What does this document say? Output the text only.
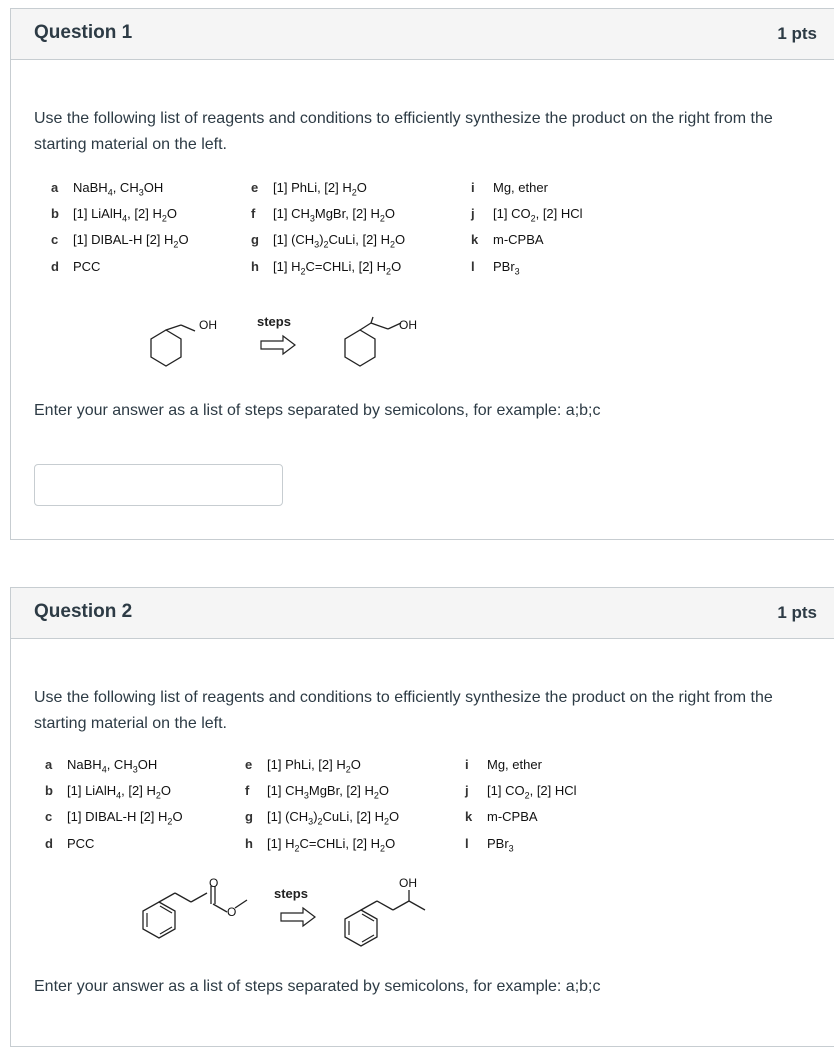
Question 1	1 pts
Use the following list of reagents and conditions to efficiently synthesize the product on the right from the starting material on the left.
a NaBH$_4$, $CH_3OH$
b [1] LiAlH$_4$, [2] $H_2O$
c [1] DIBAL-H [2] $H_2O$
d PCC
e [1] PhLi, [2] $H_2O$
f [1] $CH_3MgBr$, [2] $H_2O$
g [1] $(CH_3)_2CuLi$, [2] $H_2O$
h [1] $H_2C=CHLi$, [2] $H_2O$
i Mg, ether
j [1] $CO_2$, [2] HCl
k m-CPBA
l PBr$_3$
OH	steps	OH
Enter your answer as a list of steps separated by semicolons, for example: a;b;c
Question 2	1 pts
Use the following list of reagents and conditions to efficiently synthesize the product on the right from the starting material on the left.
a NaBH$_4$, $CH_3OH$
b [1] LiAlH$_4$, [2] $H_2O$
c [1] DIBAL-H [2] $H_2O$
d PCC
e [1] PhLi, [2] $H_2O$
f [1] $CH_3MgBr$, [2] $H_2O$
g [1] $(CH_3)_2CuLi$, [2] $H_2O$
h [1] $H_2C=CHLi$, [2] $H_2O$
i Mg, ether
j [1] $CO_2$, [2] HCl
k m-CPBA
l PBr$_3$
O
O
steps
OH
Enter your answer as a list of steps separated by semicolons, for example: a;b;c
